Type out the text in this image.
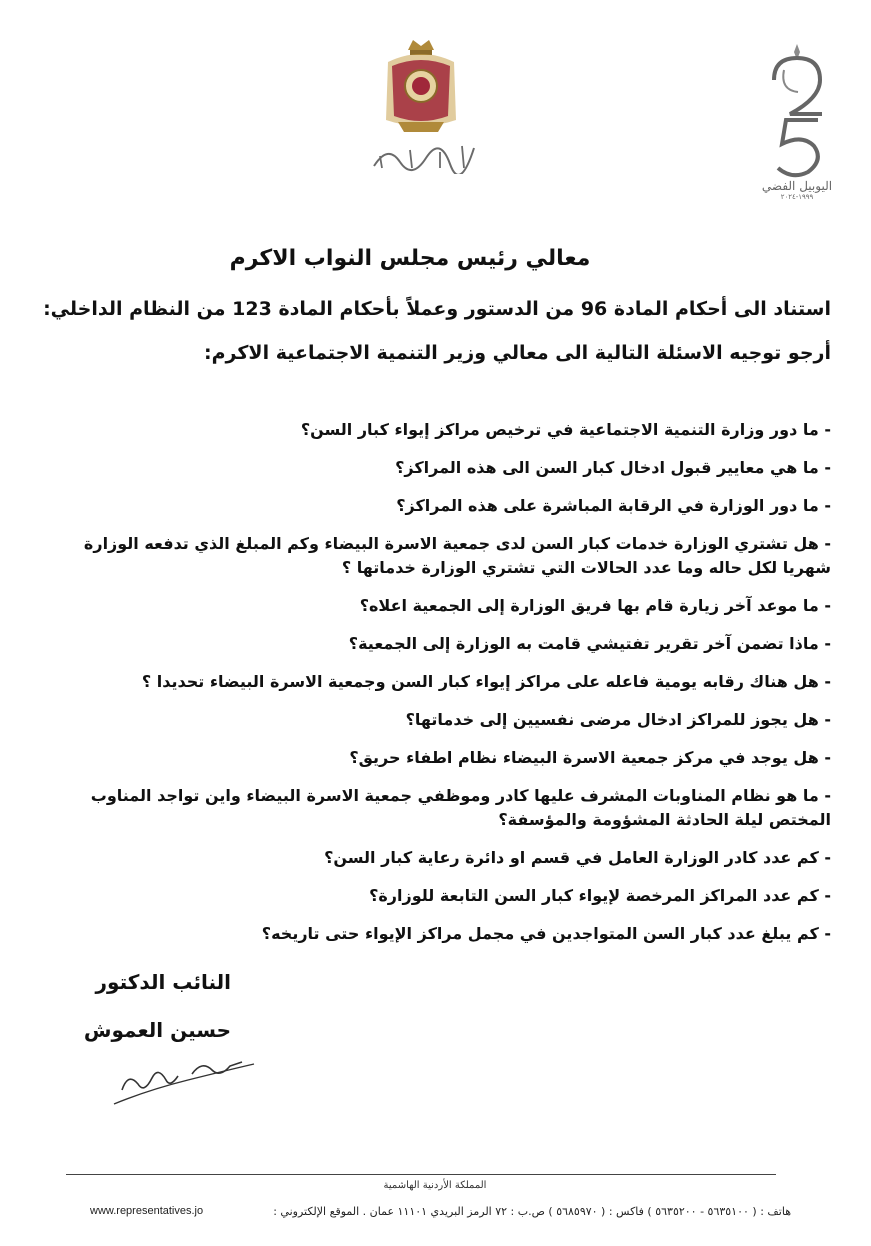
اليوبيل الفضي
١٩٩٩-٢٠٢٤
معالي رئيس مجلس النواب الاكرم
استناد الى أحكام المادة 96 من الدستور وعملاً بأحكام المادة 123 من النظام الداخلي:
أرجو توجيه الاسئلة التالية الى معالي وزير التنمية الاجتماعية الاكرم:
- ما دور وزارة التنمية الاجتماعية في ترخيص مراكز إيواء كبار السن؟
- ما هي معايير قبول ادخال كبار السن الى هذه المراكز؟
- ما دور الوزارة في الرقابة المباشرة على هذه المراكز؟
- هل تشتري الوزارة خدمات كبار السن لدى جمعية الاسرة البيضاء وكم المبلغ الذي تدفعه الوزارة شهريا لكل حاله وما عدد الحالات التي تشتري الوزارة خدماتها ؟
- ما موعد آخر زيارة قام بها فريق الوزارة إلى الجمعية اعلاه؟
- ماذا تضمن آخر تقرير تفتيشي قامت به الوزارة إلى الجمعية؟
- هل هناك رقابه يومية فاعله على مراكز إيواء كبار السن وجمعية الاسرة البيضاء تحديدا ؟
- هل يجوز للمراكز ادخال مرضى نفسيين إلى خدماتها؟
- هل يوجد في مركز جمعية الاسرة البيضاء نظام اطفاء حريق؟
- ما هو نظام المناوبات المشرف عليها كادر وموظفي جمعية الاسرة البيضاء واين تواجد المناوب المختص ليلة الحادثة المشؤومة والمؤسفة؟
- كم عدد كادر الوزارة العامل في قسم او دائرة رعاية كبار السن؟
- كم عدد المراكز المرخصة لإيواء كبار السن التابعة للوزارة؟
- كم يبلغ عدد كبار السن المتواجدين في مجمل مراكز الإيواء حتى تاريخه؟
النائب الدكتور
حسين العموش
المملكة الأردنية الهاشمية
هاتف : ( ٥٦٣٥١٠٠ - ٥٦٣٥٢٠٠ ) فاكس : ( ٥٦٨٥٩٧٠ ) ص.ب : ٧٢ الرمز البريدي ١١١٠١ عمان . الموقع الإلكتروني :
www.representatives.jo
